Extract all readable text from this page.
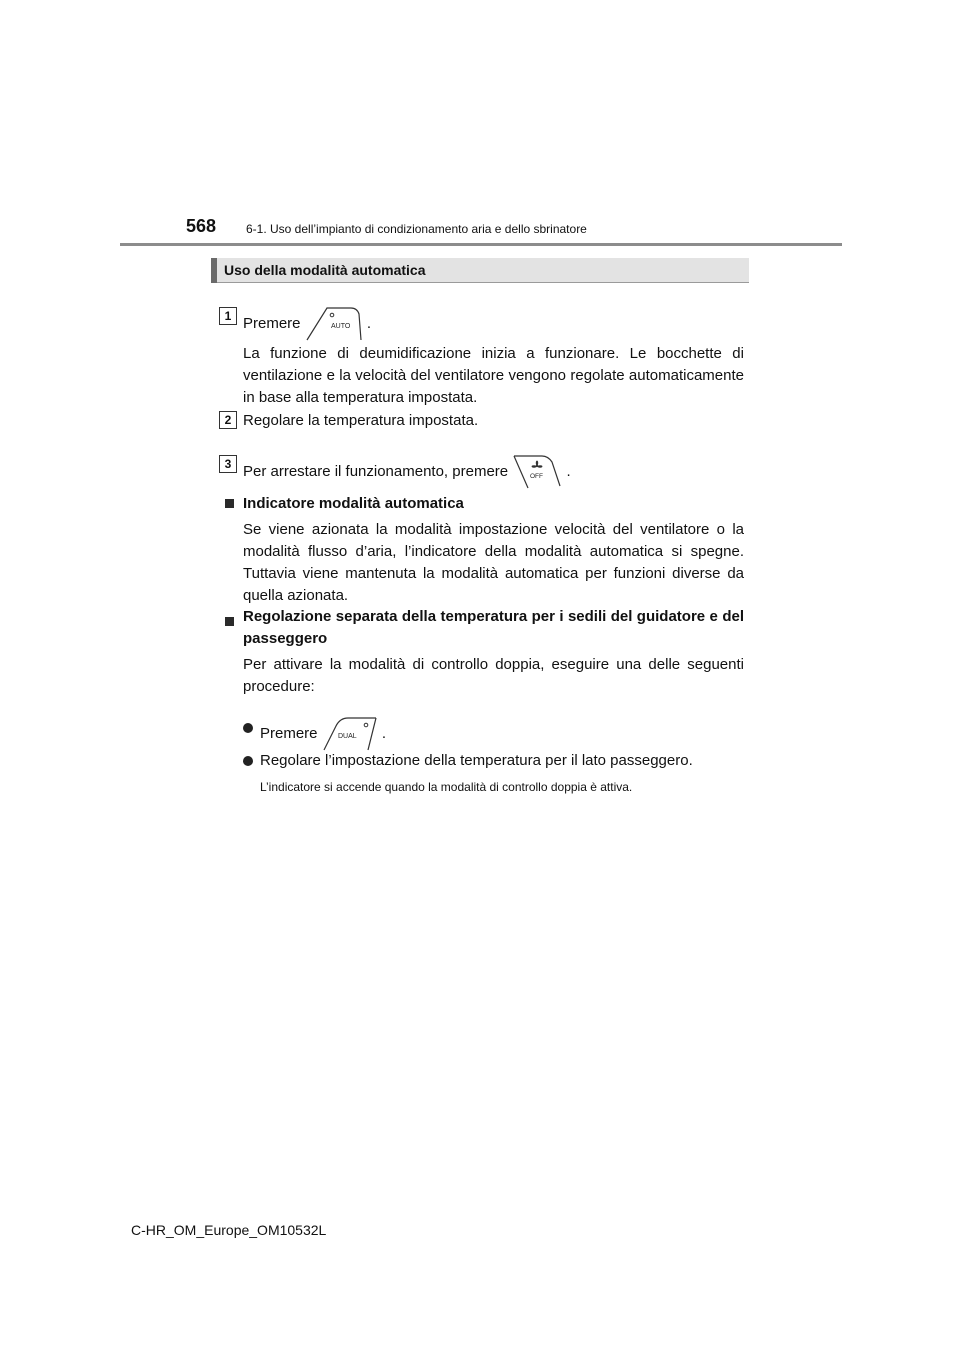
568 6-1. Uso dell’impianto di condizionamento aria e dello sbrinatore
Uso della modalità automatica
1 Premere	AUTO .
La funzione di deumidificazione inizia a funzionare. Le bocchette di ventilazione e la velocità del ventilatore vengono regolate automaticamente in base alla temperatura impostata.
2 Regolare la temperatura impostata.
3 Per arrestare il funzionamento, premere	OFF .
Indicatore modalità automatica
Se viene azionata la modalità impostazione velocità del ventilatore o la modalità flusso d’aria, l’indicatore della modalità automatica si spegne. Tuttavia viene mantenuta la modalità automatica per funzioni diverse da quella azionata.
Regolazione separata della temperatura per i sedili del guidatore e del passeggero
Per attivare la modalità di controllo doppia, eseguire una delle seguenti procedure:
Premere	DUAL .
Regolare l’impostazione della temperatura per il lato passeggero.
L’indicatore si accende quando la modalità di controllo doppia è attiva.
C-HR_OM_Europe_OM10532L
